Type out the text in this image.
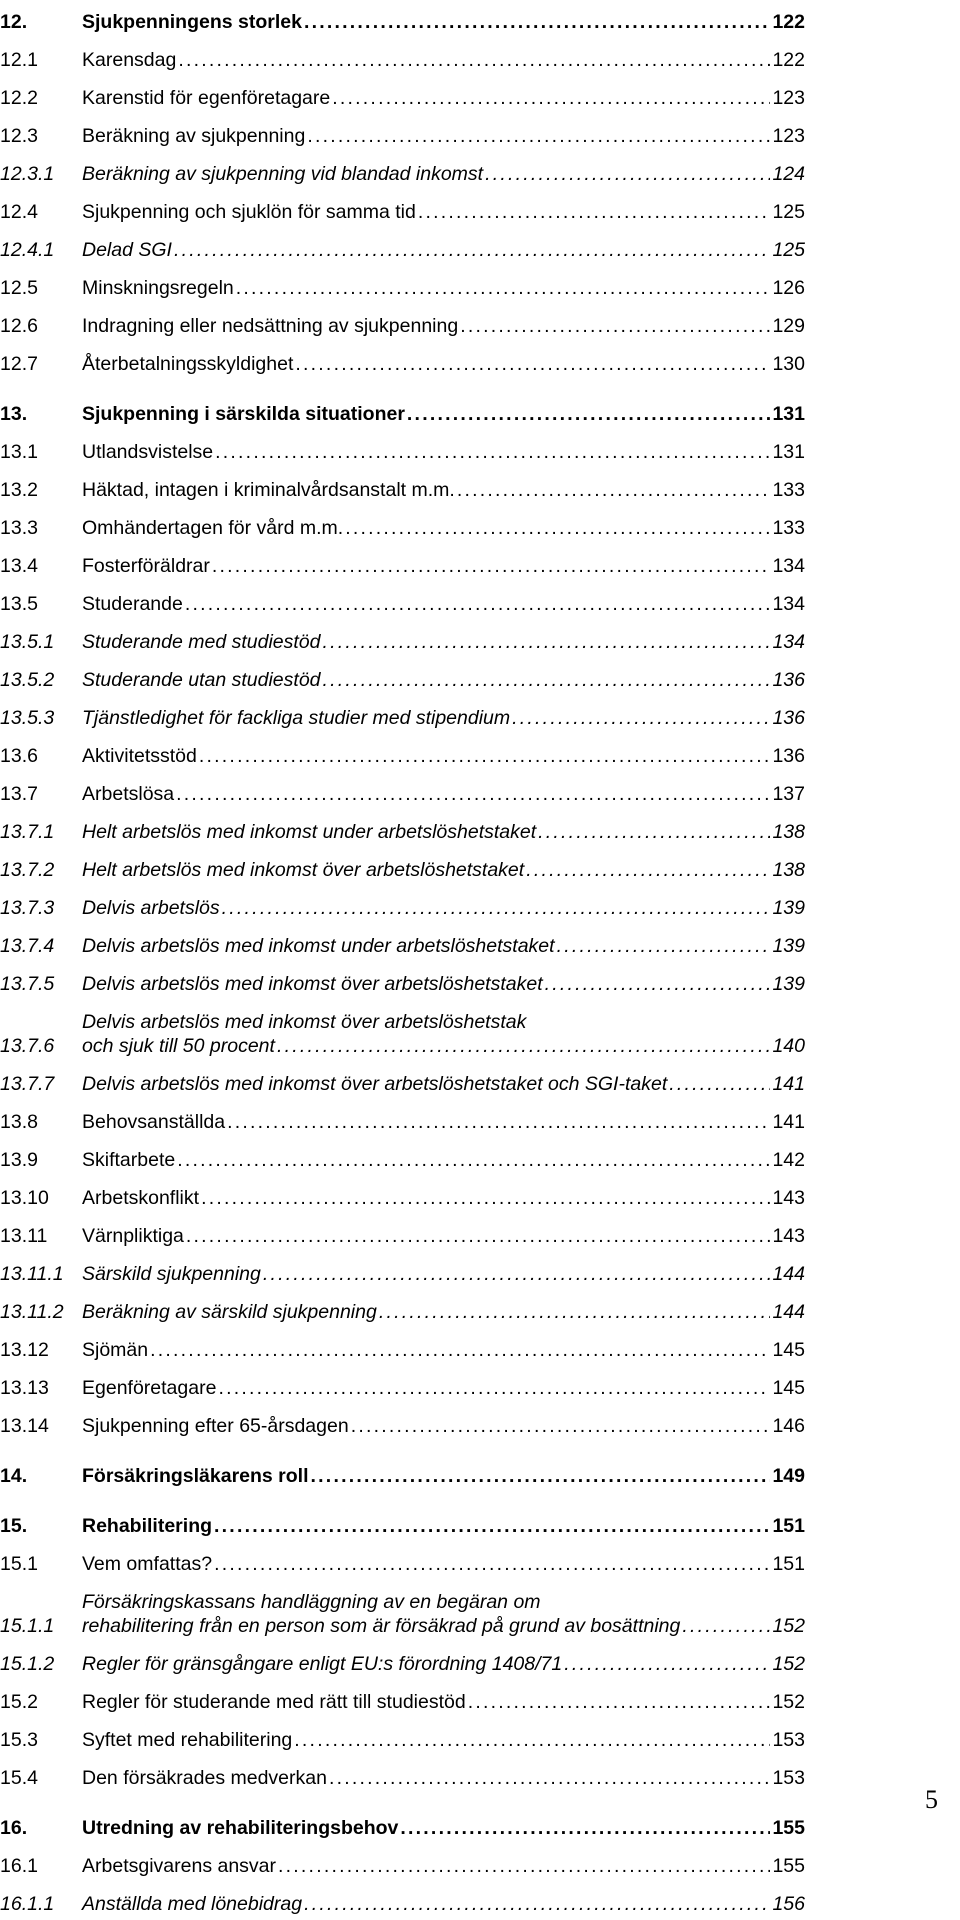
12.	Sjukpenningens storlek . . .	122
12.1 Karensdag . . .	122
12.2 Karenstid för egenföretagare . . .	123
12.3 Beräkning av sjukpenning . . .	123
12.3.1 Beräkning av sjukpenning vid blandad inkomst . . .	124
12.4 Sjukpenning och sjuklön för samma tid . . .	125
12.4.1 Delad SGI . . .	125
12.5 Minskningsregeln . . .	126
12.6 Indragning eller nedsättning av sjukpenning . . .	129
12.7 Återbetalningsskyldighet . . .	130
13.	Sjukpenning i särskilda situationer . . .	131
13.1 Utlandsvistelse . . .	131
13.2 Häktad, intagen i kriminalvårdsanstalt m.m. . . .	133
13.3 Omhändertagen för vård m.m. . . .	133
13.4 Fosterföräldrar . . .	134
13.5 Studerande . . .	134
13.5.1 Studerande med studiestöd . . .	134
13.5.2 Studerande utan studiestöd . . .	136
13.5.3 Tjänstledighet för fackliga studier med stipendium . . .	136
13.6 Aktivitetsstöd . . .	136
13.7 Arbetslösa . . .	137
13.7.1 Helt arbetslös med inkomst under arbetslöshetstaket . . .	138
13.7.2 Helt arbetslös med inkomst över arbetslöshetstaket . . .	138
13.7.3 Delvis arbetslös . . .	139
13.7.4 Delvis arbetslös med inkomst under arbetslöshetstaket . . .	139
13.7.5 Delvis arbetslös med inkomst över arbetslöshetstaket . . .	139
13.7.6
Delvis arbetslös med inkomst över arbetslöshetstak
och sjuk till 50 procent . . .	140
13.7.7 Delvis arbetslös med inkomst över arbetslöshetstaket och SGI-taket . . .	141
13.8 Behovsanställda . . .	141
13.9 Skiftarbete . . .	142
13.10 Arbetskonflikt . . .	143
13.11 Värnpliktiga . . .	143
13.11.1 Särskild sjukpenning . . .	144
13.11.2 Beräkning av särskild sjukpenning . . .	144
13.12 Sjömän . . .	145
13.13 Egenföretagare . . .	145
13.14 Sjukpenning efter 65-årsdagen . . .	146
14.	Försäkringsläkarens roll . . .	149
15.	Rehabilitering . . .	151
15.1 Vem omfattas? . . .	151
15.1.1
Försäkringskassans handläggning av en begäran om
rehabilitering från en person som är försäkrad på grund av bosättning . . .	152
15.1.2 Regler för gränsgångare enligt EU:s förordning 1408/71 . . .	152
15.2 Regler för studerande med rätt till studiestöd . . .	152
15.3 Syftet med rehabilitering . . .	153
15.4 Den försäkrades medverkan . . .	153
16.	Utredning av rehabiliteringsbehov . . .	155
16.1 Arbetsgivarens ansvar . . .	155
16.1.1 Anställda med lönebidrag . . .	156
5
